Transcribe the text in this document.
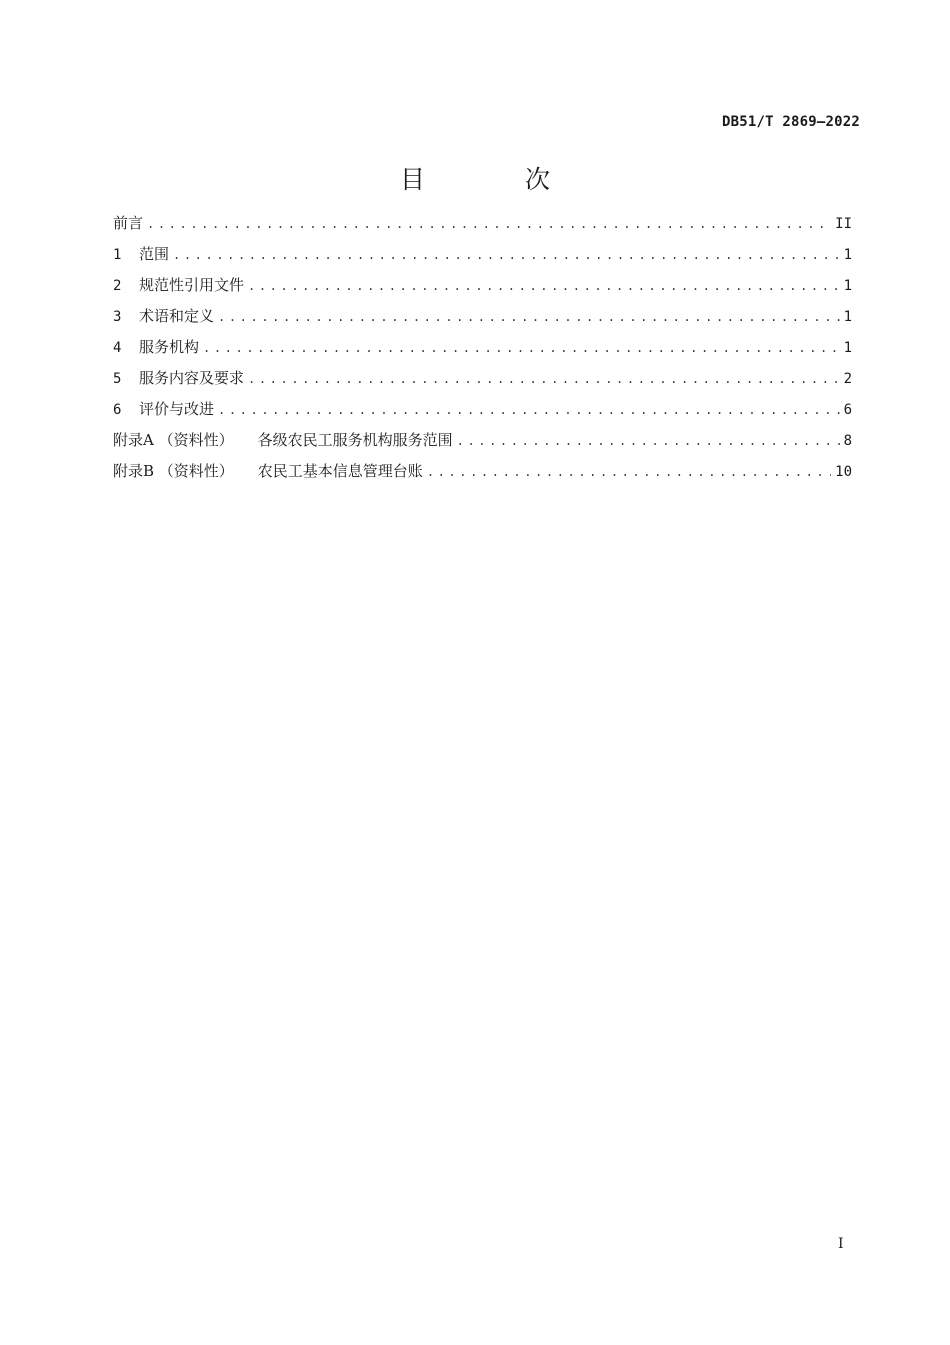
DB51/T 2869—2022
目 次
前言 .....	II
1	范围 .....	1
2	规范性引用文件 .....	1
3	术语和定义 .....	1
4	服务机构 .....	1
5	服务内容及要求 .....	2
6	评价与改进 .....	6
附录A （资料性）	各级农民工服务机构服务范围 .....	8
附录B （资料性）	农民工基本信息管理台账 .....	10
I
